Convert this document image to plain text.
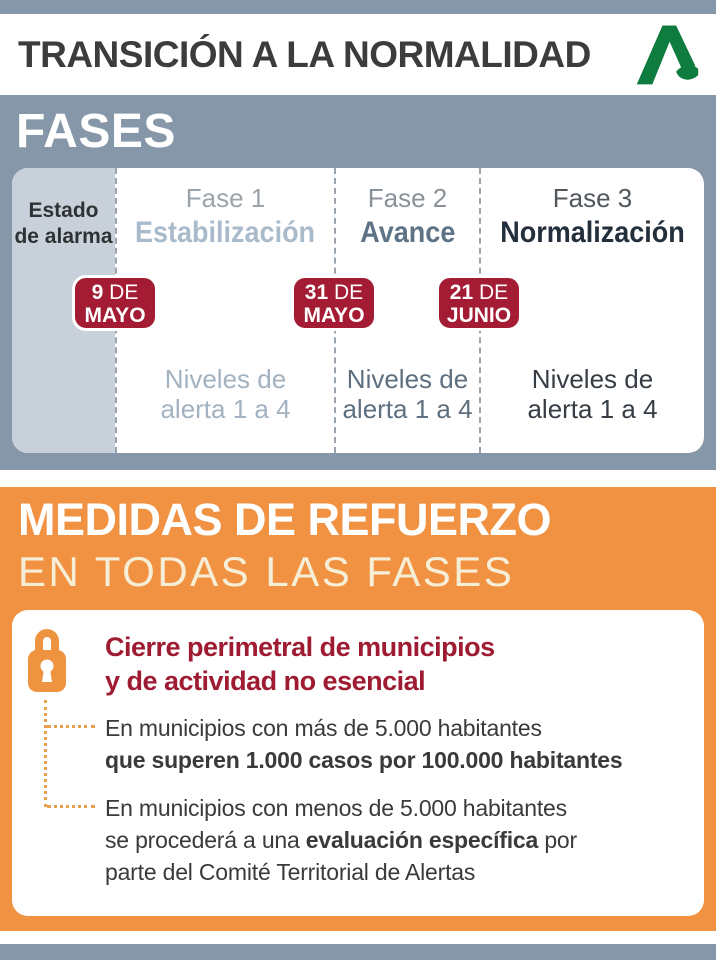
TRANSICIÓN A LA NORMALIDAD
FASES
Estado
de alarma
Fase 1
Estabilización
Niveles de
alerta 1 a 4
Fase 2
Avance
Niveles de
alerta 1 a 4
Fase 3
Normalización
Niveles de
alerta 1 a 4
9 DE
MAYO
31 DE
MAYO
21 DE
JUNIO
MEDIDAS DE REFUERZO
EN TODAS LAS FASES
Cierre perimetral de municipios
y de actividad no esencial
En municipios con más de 5.000 habitantes
que superen 1.000 casos por 100.000 habitantes
En municipios con menos de 5.000 habitantes
se procederá a una evaluación específica por
parte del Comité Territorial de Alertas
